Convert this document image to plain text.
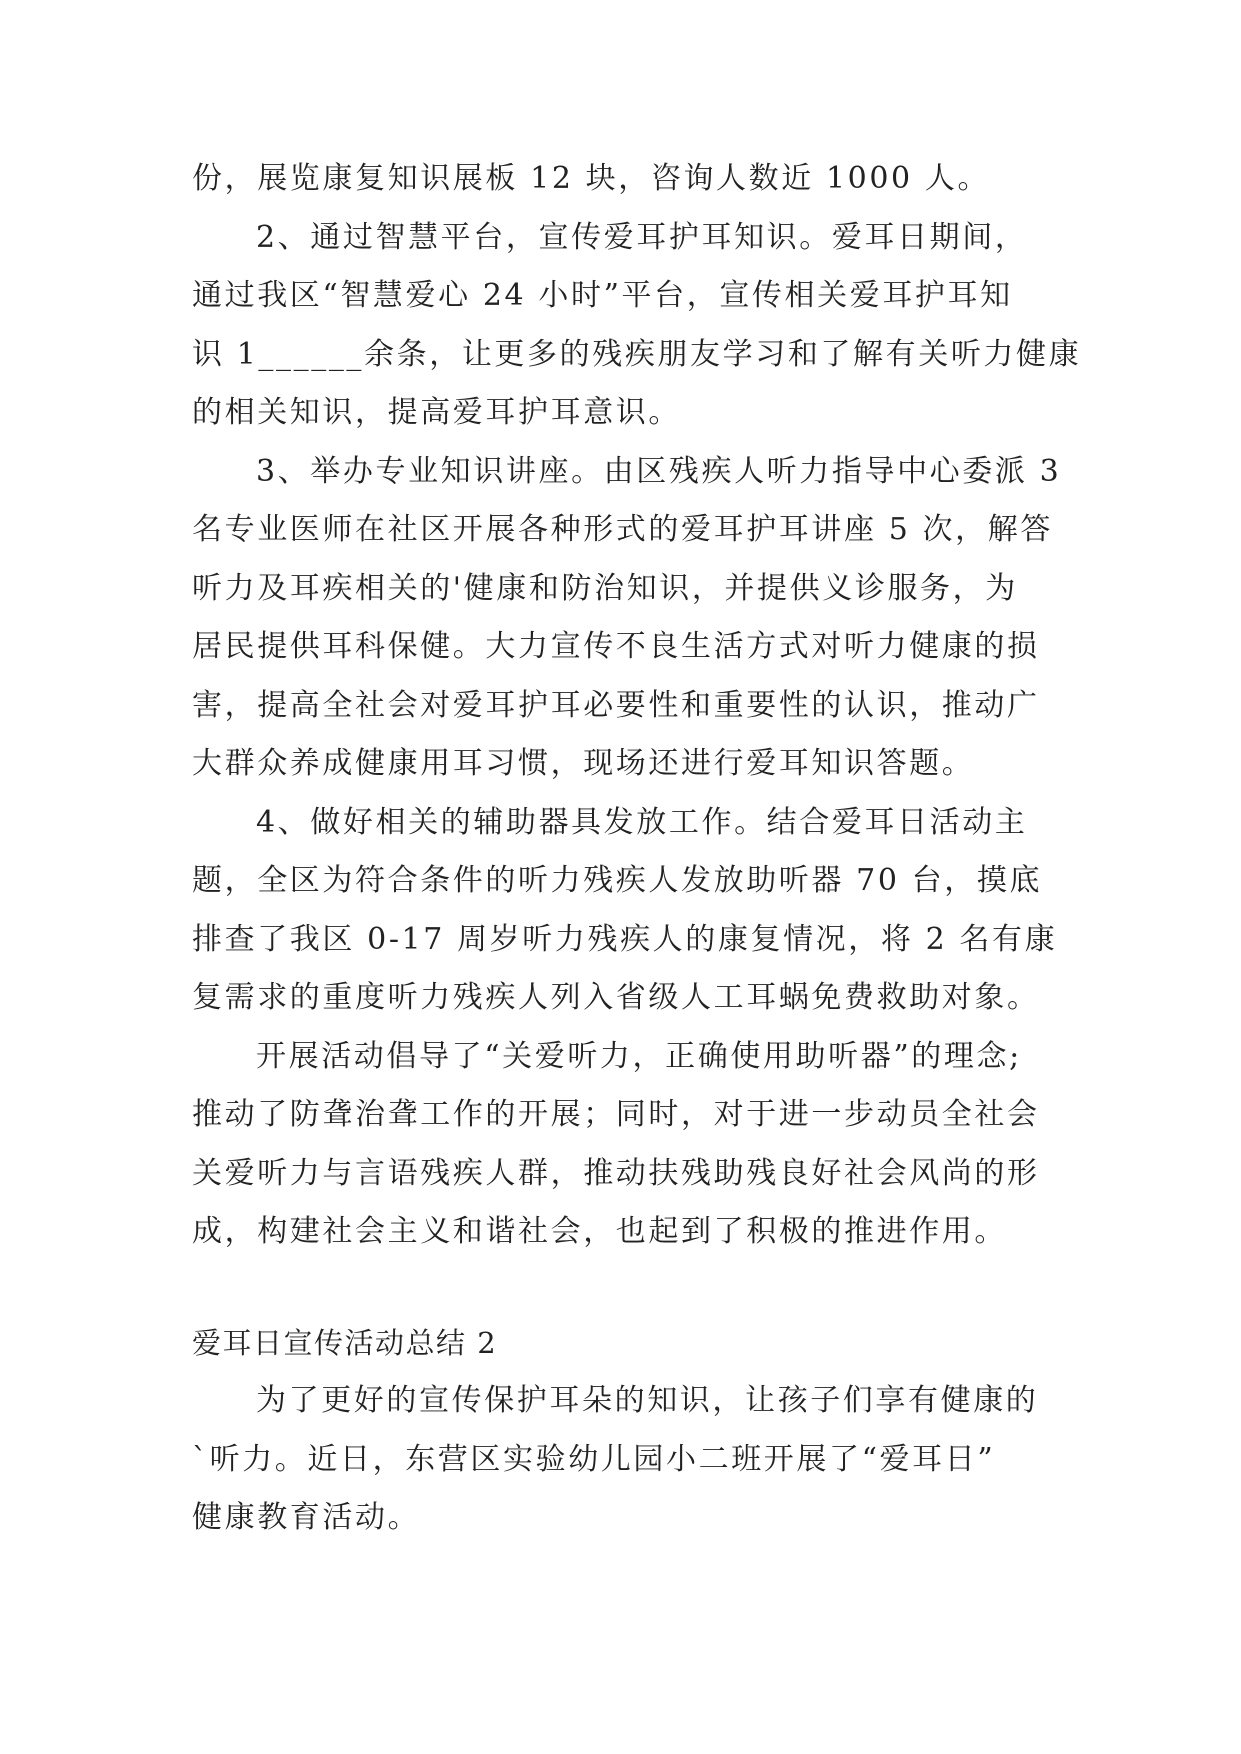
份，展览康复知识展板 12 块，咨询人数近 1000 人。
2、通过智慧平台，宣传爱耳护耳知识。爱耳日期间，
通过我区“智慧爱心 24 小时”平台，宣传相关爱耳护耳知
识 1______余条，让更多的残疾朋友学习和了解有关听力健康
的相关知识，提高爱耳护耳意识。
3、举办专业知识讲座。由区残疾人听力指导中心委派 3
名专业医师在社区开展各种形式的爱耳护耳讲座 5 次，解答
听力及耳疾相关的'健康和防治知识，并提供义诊服务，为
居民提供耳科保健。大力宣传不良生活方式对听力健康的损
害，提高全社会对爱耳护耳必要性和重要性的认识，推动广
大群众养成健康用耳习惯，现场还进行爱耳知识答题。
4、做好相关的辅助器具发放工作。结合爱耳日活动主
题，全区为符合条件的听力残疾人发放助听器 70 台，摸底
排查了我区 0-17 周岁听力残疾人的康复情况，将 2 名有康
复需求的重度听力残疾人列入省级人工耳蜗免费救助对象。
开展活动倡导了“关爱听力，正确使用助听器”的理念;
推动了防聋治聋工作的开展；同时，对于进一步动员全社会
关爱听力与言语残疾人群，推动扶残助残良好社会风尚的形
成，构建社会主义和谐社会，也起到了积极的推进作用。
爱耳日宣传活动总结 2
为了更好的宣传保护耳朵的知识，让孩子们享有健康的
`听力。近日，东营区实验幼儿园小二班开展了“爱耳日”
健康教育活动。
